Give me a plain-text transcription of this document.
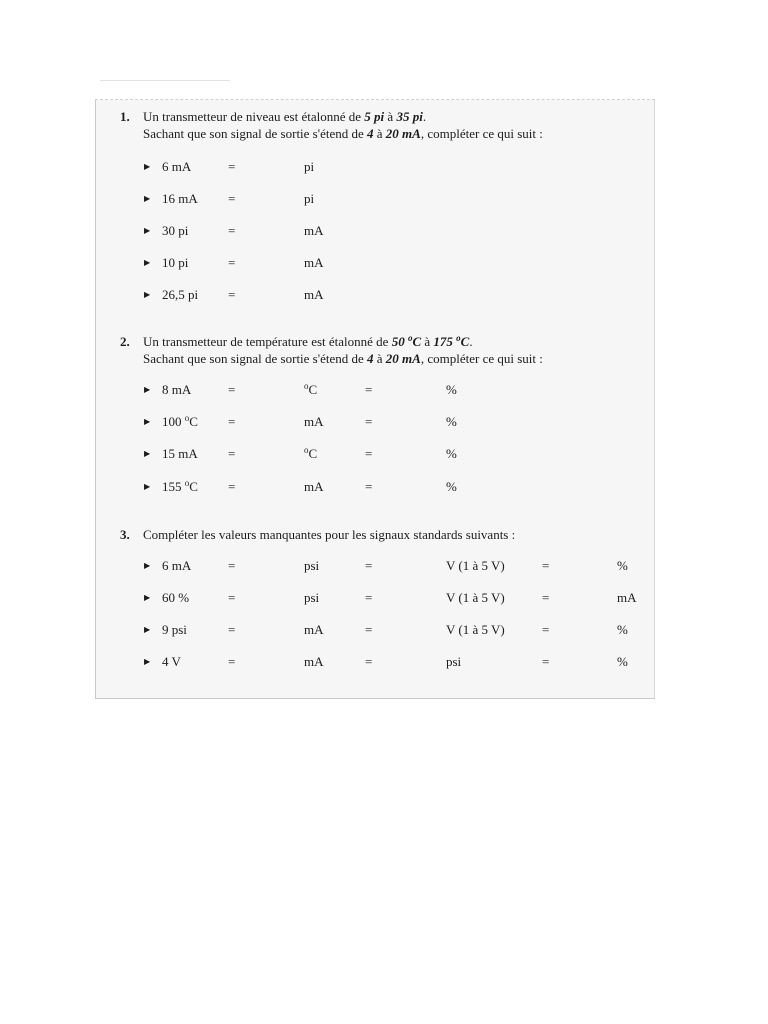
1. Un transmetteur de niveau est étalonné de 5 pi à 35 pi.
Sachant que son signal de sortie s'étend de 4 à 20 mA, compléter ce qui suit :
▶ 6 mA	=	pi
▶ 16 mA =	pi
▶ 30 pi	=	mA
▶ 10 pi	=	mA
▶ 26,5 pi =	mA
2. Un transmetteur de température est étalonné de 50 $^o$C à 175 $^o$C.
Sachant que son signal de sortie s'étend de 4 à 20 mA, compléter ce qui suit :
▶ 8 mA	=	$^o$C	=	%
▶ 100 $^o$C =	mA	=	%
▶ 15 mA =	$^o$C	=	%
▶ 155 $^o$C =	mA	=	%
3. Compléter les valeurs manquantes pour les signaux standards suivants :
▶ 6 mA	=	psi	=	V (1 à 5 V)	=	%
▶ 60 %	=	psi	=	V (1 à 5 V)	=	mA
▶ 9 psi	=	mA	=	V (1 à 5 V)	=	%
▶ 4 V	=	mA	=	psi	=	%
